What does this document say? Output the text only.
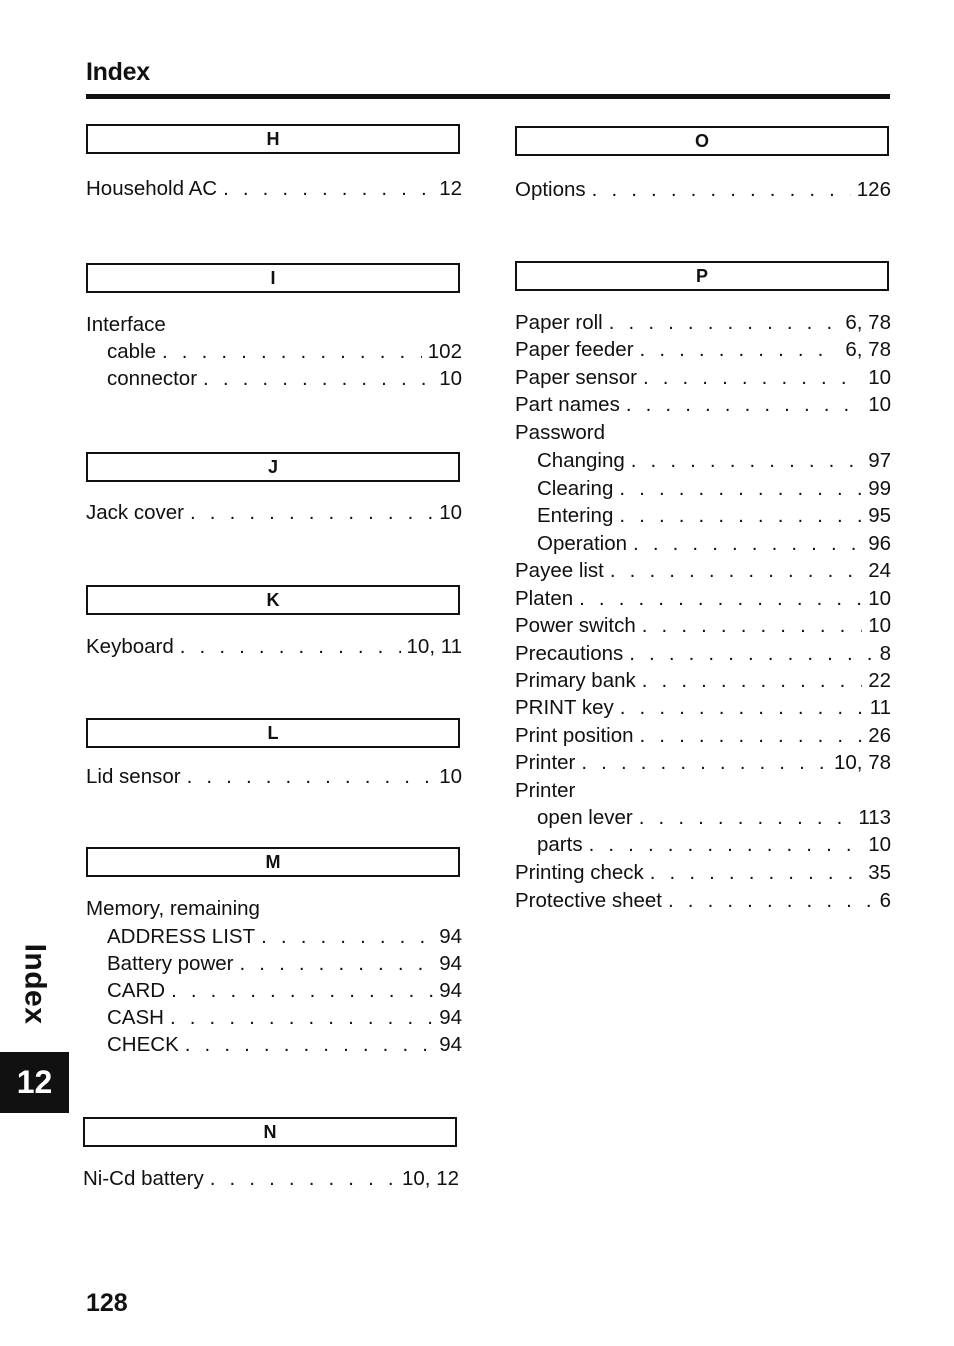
Index
H
Household AC . . .	12
I
Interface
cable . . .	102
connector . . .	10
J
Jack cover . . .	10
K
Keyboard . . .	10, 11
L
Lid sensor . . .	10
M
Memory, remaining
ADDRESS LIST . . .	94
Battery power . . .	94
CARD . . .	94
CASH . . .	94
CHECK . . .	94
N
Ni-Cd battery . . .	10, 12
O
Options . . .	126
P
Paper roll . . .	6, 78
Paper feeder . . .	6, 78
Paper sensor . . .	10
Part names . . .	10
Password
Changing . . .	97
Clearing . . .	99
Entering . . .	95
Operation . . .	96
Payee list . . .	24
Platen . . .	10
Power switch . . .	10
Precautions . . .	8
Primary bank . . .	22
PRINT key . . .	11
Print position . . .	26
Printer . . .	10, 78
Printer
open lever . . .	113
parts . . .	10
Printing check . . .	35
Protective sheet . . .	6
Index
12
128
